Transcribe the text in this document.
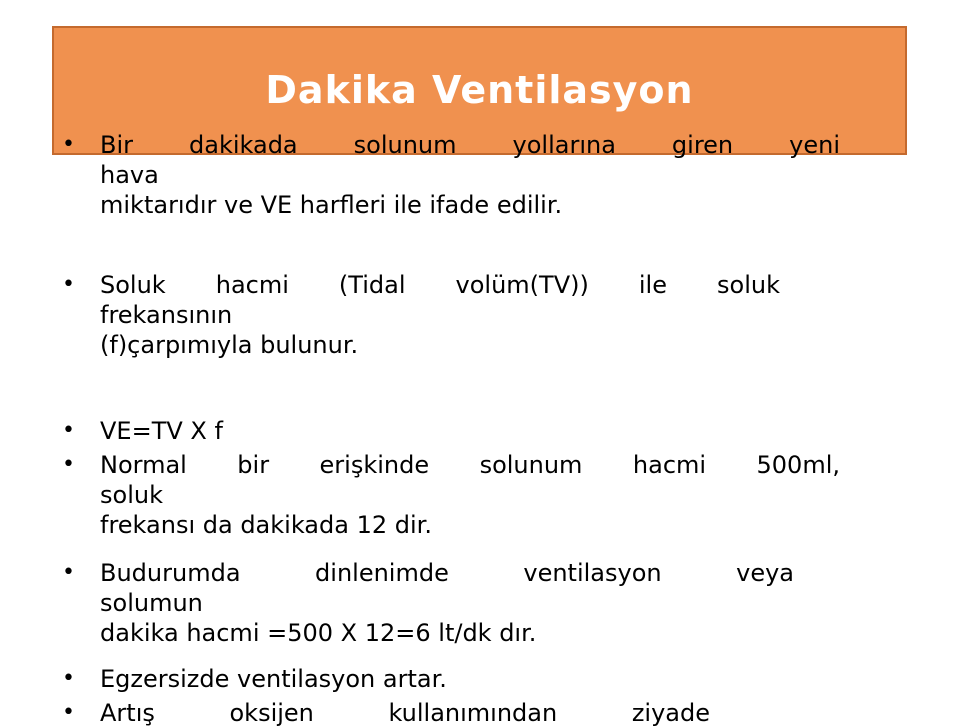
Dakika Ventilasyon
• Bir dakikada solunum yollarına giren yeni
hava
miktarıdır ve VE harfleri ile ifade edilir.
• Soluk hacmi (Tidal volüm(TV)) ile soluk
frekansının
(f)çarpımıyla bulunur.
• VE=TV X f
• Normal bir erişkinde solunum hacmi 500ml,
soluk
frekansı da dakikada 12 dir.
• Budurumda dinlenimde ventilasyon veya
solumun
dakika hacmi =500 X 12=6 lt/dk dır.
• Egzersizde ventilasyon artar.
• Artış oksijen kullanımından ziyade
